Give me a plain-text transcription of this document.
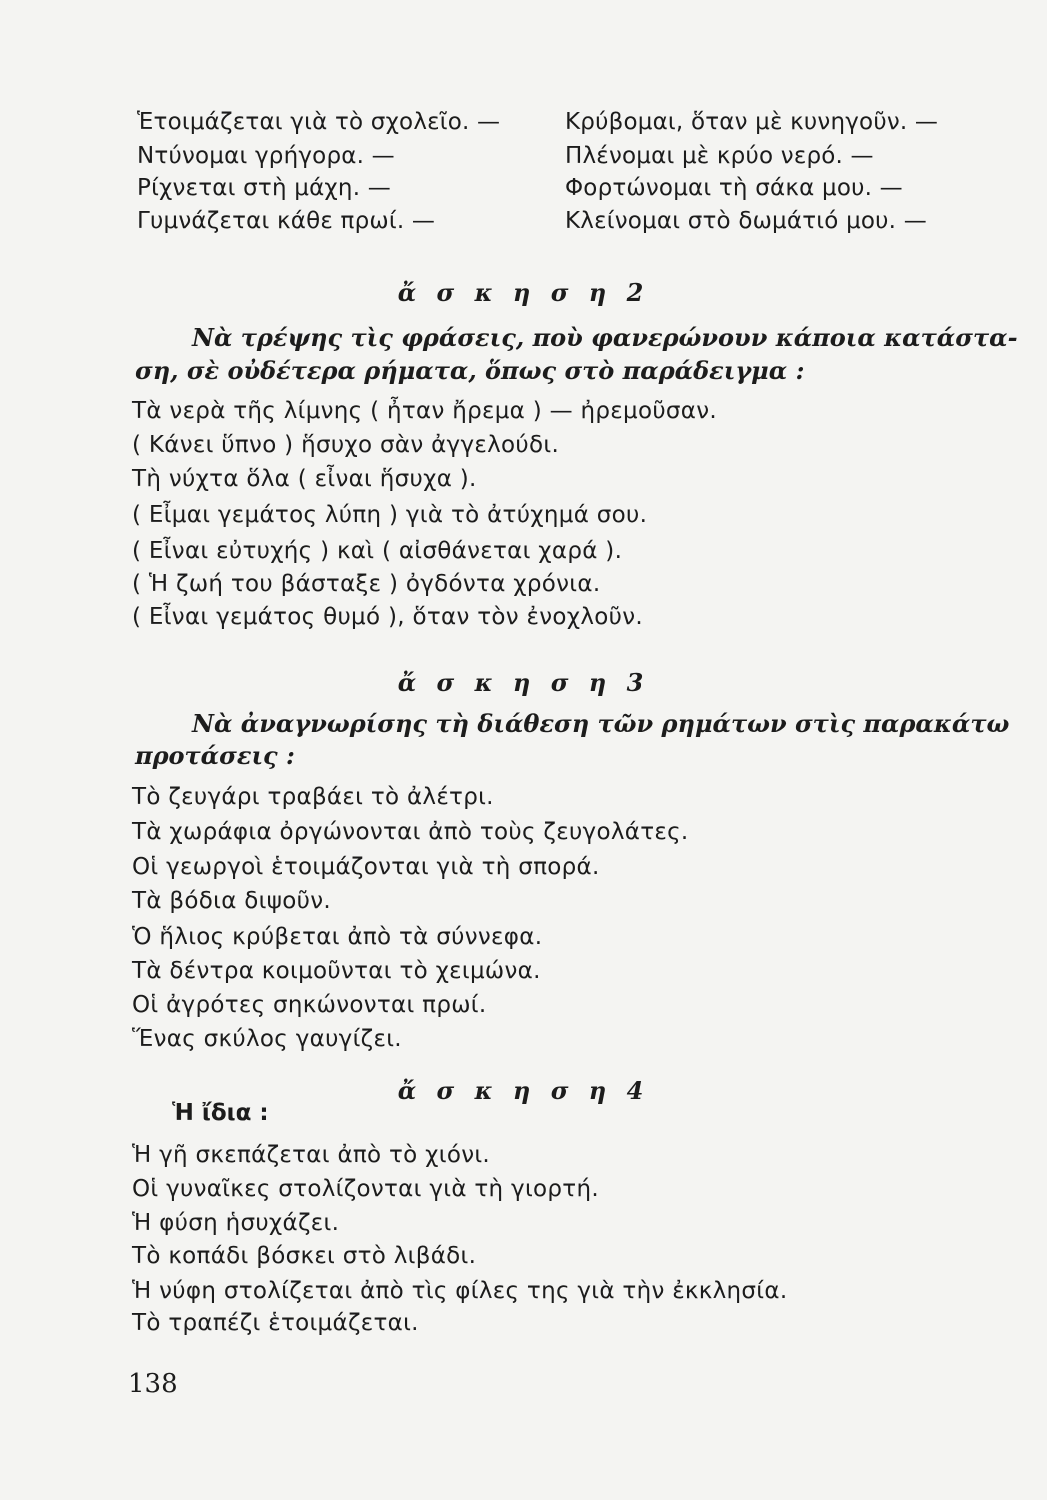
Ἑτοιμάζεται γιὰ τὸ σχολεῖο. —	Κρύβομαι, ὅταν μὲ κυνηγοῦν. —
Ντύνομαι γρήγορα. —	Πλένομαι μὲ κρύο νερό. —
Ρίχνεται στὴ μάχη. —	Φορτώνομαι τὴ σάκα μου. —
Γυμνάζεται κάθε πρωί. —	Κλείνομαι στὸ δωμάτιό μου. —
ἄ σ κ η σ η 2
Νὰ τρέψης τὶς φράσεις, ποὺ φανερώνουν κάποια κατάστα-
ση, σὲ οὐδέτερα ρήματα, ὅπως στὸ παράδειγμα :
Τὰ νερὰ τῆς λίμνης ( ἦταν ἤρεμα ) — ἠρεμοῦσαν.
( Κάνει ὕπνο ) ἥσυχο σὰν ἀγγελούδι.
Τὴ νύχτα ὅλα ( εἶναι ἥσυχα ).
( Εἶμαι γεμάτος λύπη ) γιὰ τὸ ἀτύχημά σου.
( Εἶναι εὐτυχής ) καὶ ( αἰσθάνεται χαρά ).
( Ἡ ζωή του βάσταξε ) ὀγδόντα χρόνια.
( Εἶναι γεμάτος θυμό ), ὅταν τὸν ἐνοχλοῦν.
ἄ σ κ η σ η 3
Νὰ ἀναγνωρίσης τὴ διάθεση τῶν ρημάτων στὶς παρακάτω
προτάσεις :
Τὸ ζευγάρι τραβάει τὸ ἀλέτρι.
Τὰ χωράφια ὀργώνονται ἀπὸ τοὺς ζευγολάτες.
Οἱ γεωργοὶ ἑτοιμάζονται γιὰ τὴ σπορά.
Τὰ βόδια διψοῦν.
Ὁ ἥλιος κρύβεται ἀπὸ τὰ σύννεφα.
Τὰ δέντρα κοιμοῦνται τὸ χειμώνα.
Οἱ ἀγρότες σηκώνονται πρωί.
Ἕνας σκύλος γαυγίζει.
ἄ σ κ η σ η 4
Ἡ ἴδια :
Ἡ γῆ σκεπάζεται ἀπὸ τὸ χιόνι.
Οἱ γυναῖκες στολίζονται γιὰ τὴ γιορτή.
Ἡ φύση ἡσυχάζει.
Τὸ κοπάδι βόσκει στὸ λιβάδι.
Ἡ νύφη στολίζεται ἀπὸ τὶς φίλες της γιὰ τὴν ἐκκλησία.
Τὸ τραπέζι ἑτοιμάζεται.
138
